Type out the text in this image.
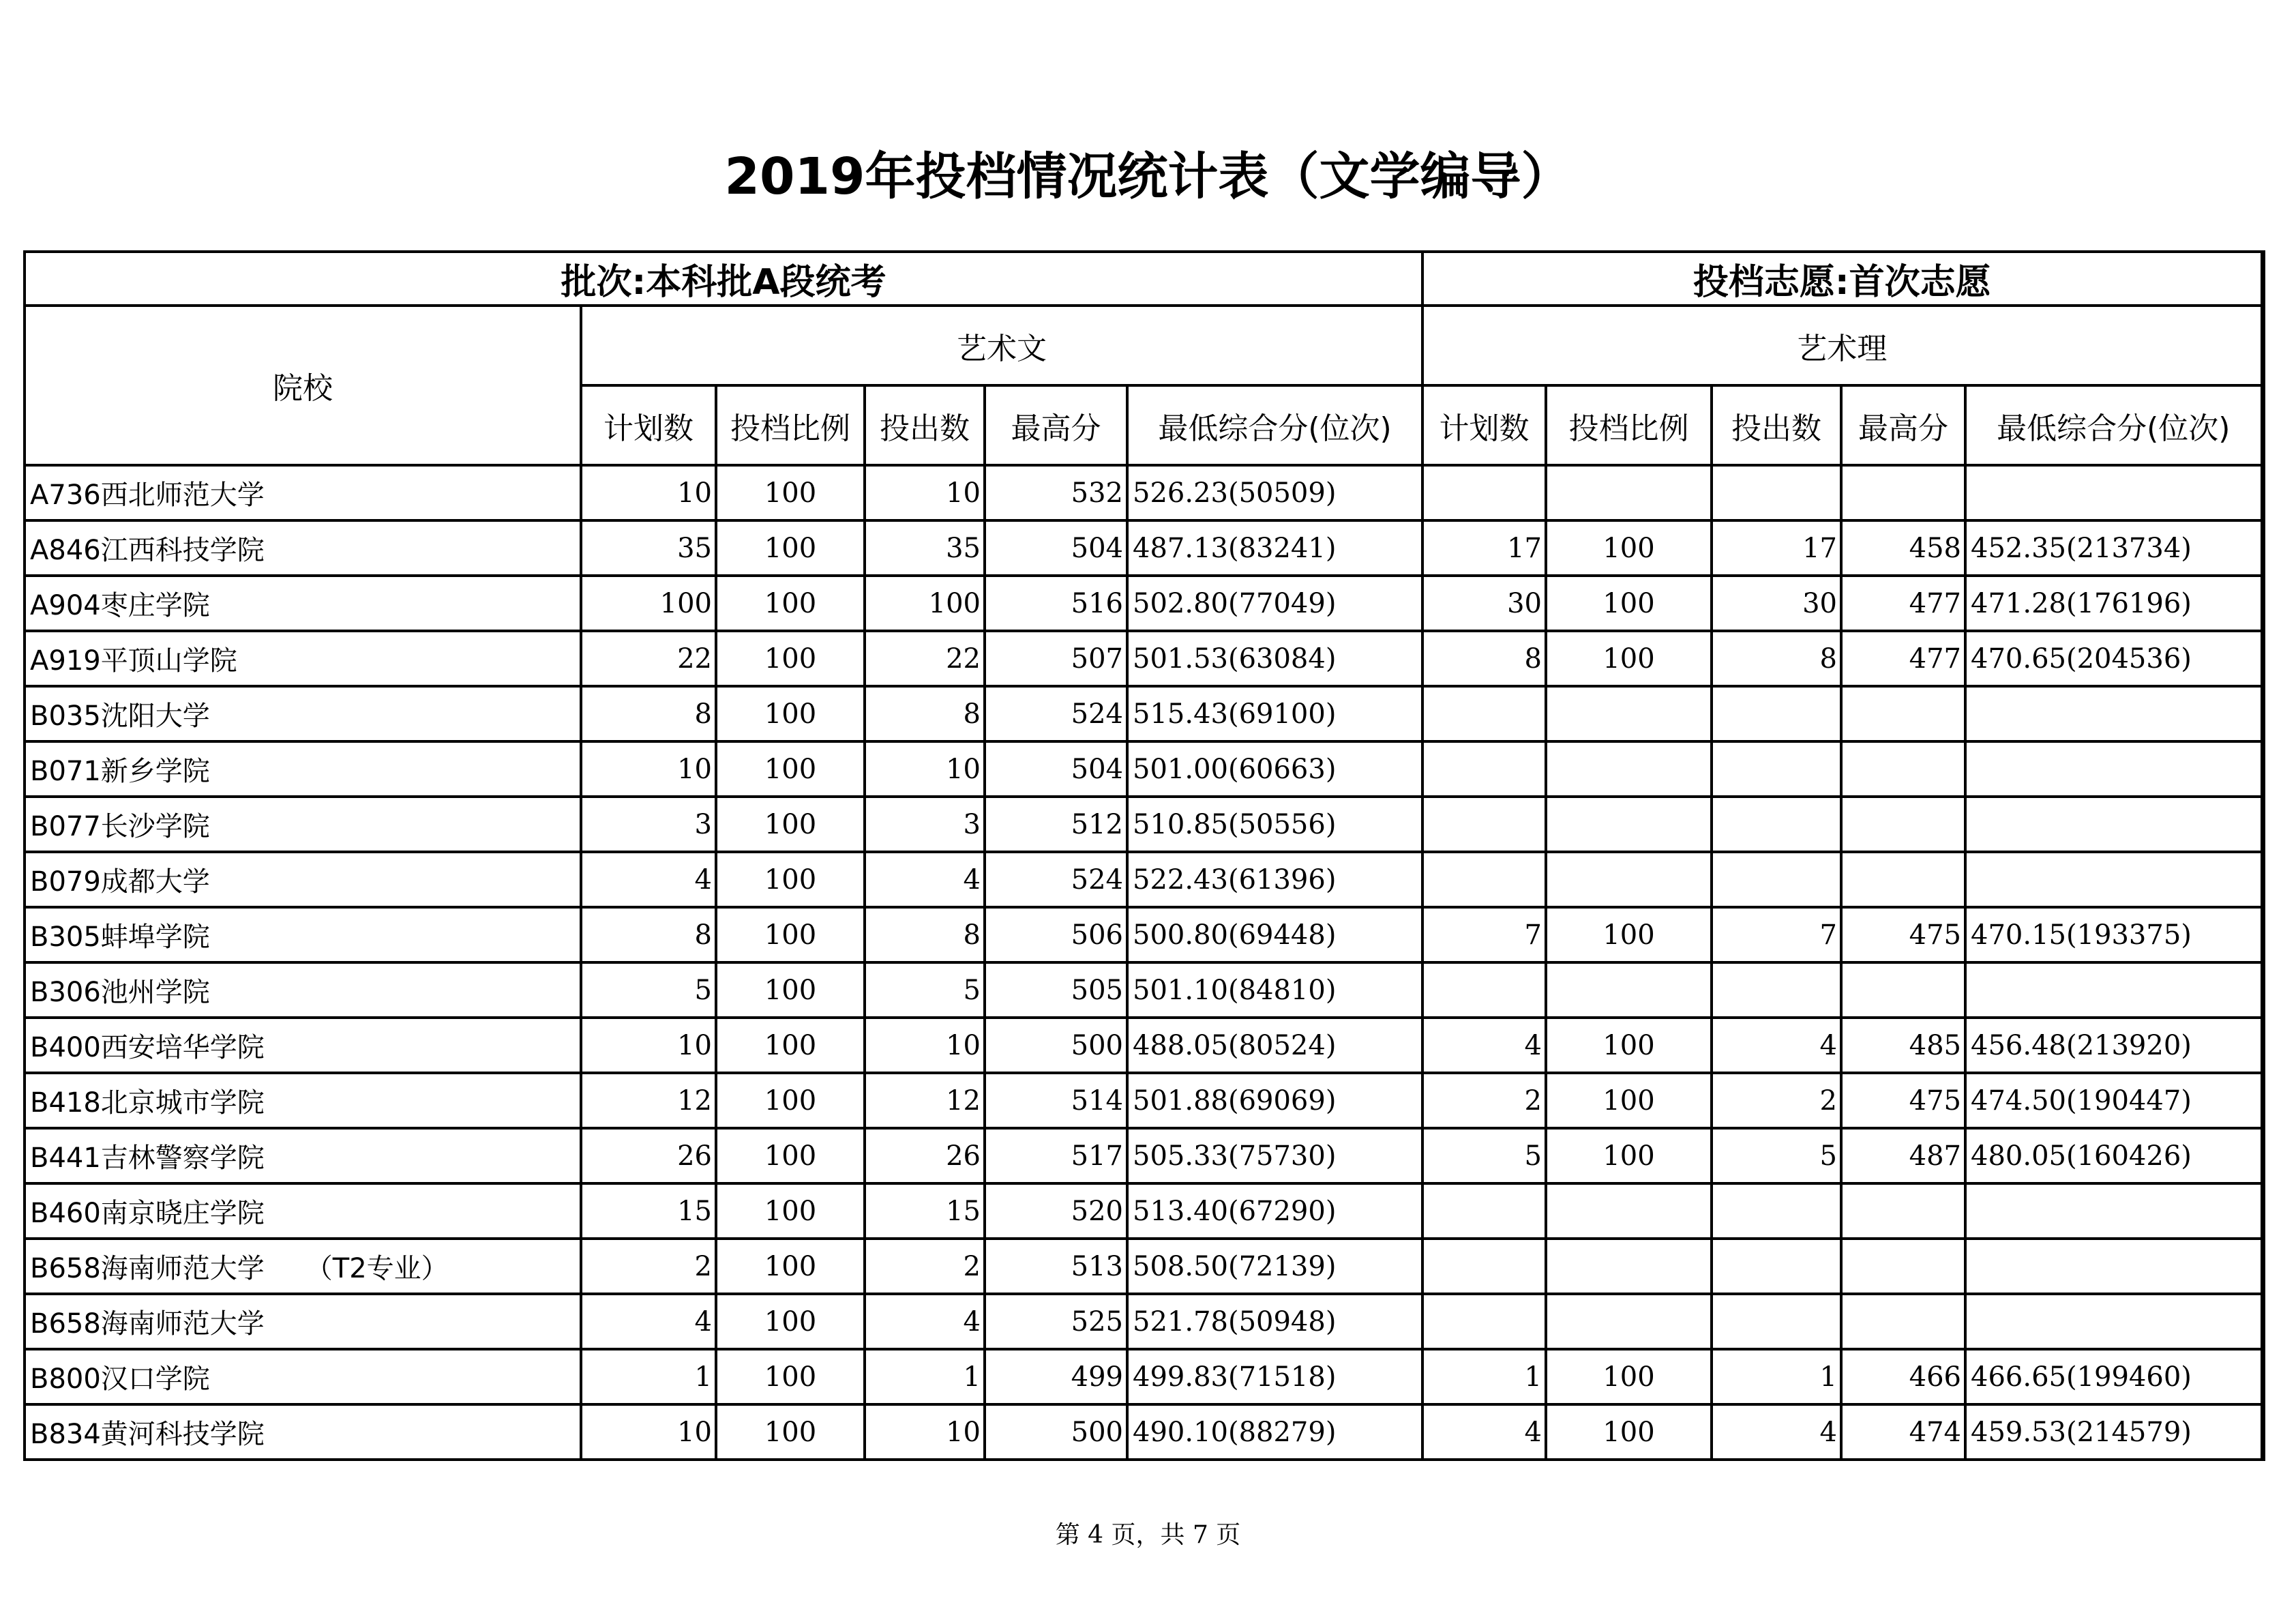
2019年投档情况统计表（文学编导）
批次:本科批A段统考						投档志愿:首次志愿				
院校	艺术文					艺术理				
	计划数	投档比例	投出数	最高分	最低综合分(位次)	计划数	投档比例	投出数	最高分	最低综合分(位次)
A736西北师范大学	10	100	10	532	526.23(50509)					
A846江西科技学院	35	100	35	504	487.13(83241)	17	100	17	458	452.35(213734)
A904枣庄学院	100	100	100	516	502.80(77049)	30	100	30	477	471.28(176196)
A919平顶山学院	22	100	22	507	501.53(63084)	8	100	8	477	470.65(204536)
B035沈阳大学	8	100	8	524	515.43(69100)					
B071新乡学院	10	100	10	504	501.00(60663)					
B077长沙学院	3	100	3	512	510.85(50556)					
B079成都大学	4	100	4	524	522.43(61396)					
B305蚌埠学院	8	100	8	506	500.80(69448)	7	100	7	475	470.15(193375)
B306池州学院	5	100	5	505	501.10(84810)					
B400西安培华学院	10	100	10	500	488.05(80524)	4	100	4	485	456.48(213920)
B418北京城市学院	12	100	12	514	501.88(69069)	2	100	2	475	474.50(190447)
B441吉林警察学院	26	100	26	517	505.33(75730)	5	100	5	487	480.05(160426)
B460南京晓庄学院	15	100	15	520	513.40(67290)					
B658海南师范大学　　（T2专业）	2	100	2	513	508.50(72139)					
B658海南师范大学	4	100	4	525	521.78(50948)					
B800汉口学院	1	100	1	499	499.83(71518)	1	100	1	466	466.65(199460)
B834黄河科技学院	10	100	10	500	490.10(88279)	4	100	4	474	459.53(214579)
第 4 页，共 7 页
